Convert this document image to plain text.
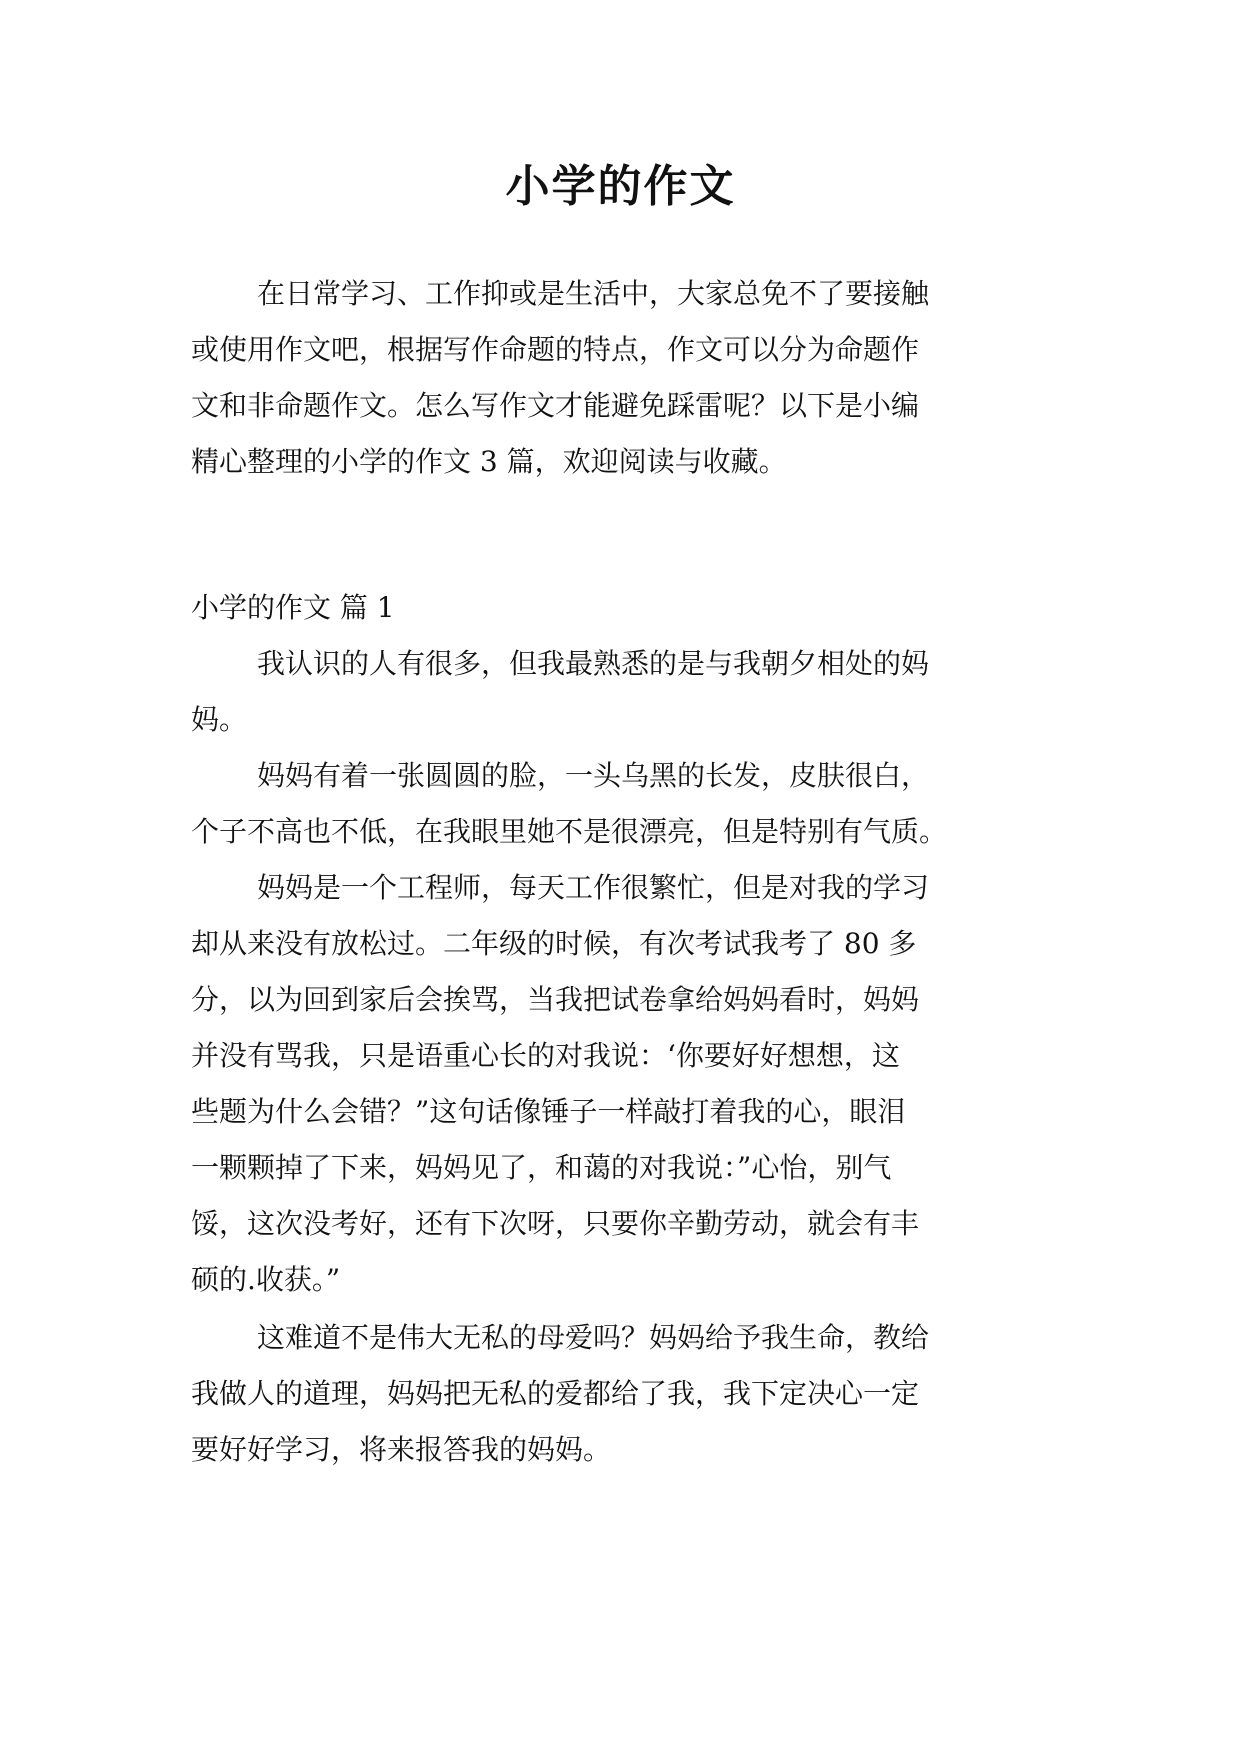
小学的作文

在日常学习、工作抑或是生活中，大家总免不了要接触
或使用作文吧，根据写作命题的特点，作文可以分为命题作
文和非命题作文。怎么写作文才能避免踩雷呢？以下是小编
精心整理的小学的作文 3 篇，欢迎阅读与收藏。

小学的作文 篇 1

我认识的人有很多，但我最熟悉的是与我朝夕相处的妈
妈。

妈妈有着一张圆圆的脸，一头乌黑的长发，皮肤很白，
个子不高也不低，在我眼里她不是很漂亮，但是特别有气质。

妈妈是一个工程师，每天工作很繁忙，但是对我的学习
却从来没有放松过。二年级的时候，有次考试我考了 80 多
分，以为回到家后会挨骂，当我把试卷拿给妈妈看时，妈妈
并没有骂我，只是语重心长的对我说：‘你要好好想想，这
些题为什么会错？”这句话像锤子一样敲打着我的心，眼泪
一颗颗掉了下来，妈妈见了，和蔼的对我说：”心怡，别气
馁，这次没考好，还有下次呀，只要你辛勤劳动，就会有丰
硕的.收获。”

这难道不是伟大无私的母爱吗？妈妈给予我生命，教给
我做人的道理，妈妈把无私的爱都给了我，我下定决心一定
要好好学习，将来报答我的妈妈。
